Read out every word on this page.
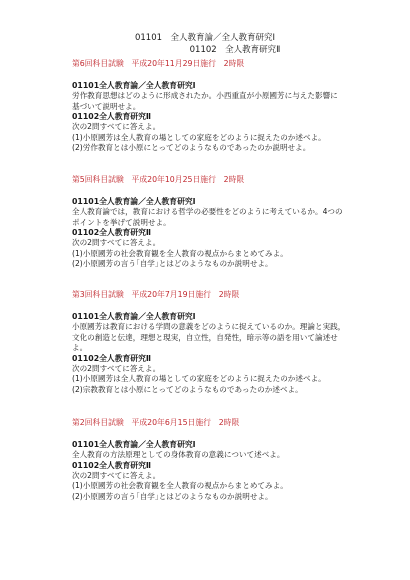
01101　全人教育論／全人教育研究Ⅰ
01102　全人教育研究Ⅱ
第6回科目試験　平成20年11月29日施行　2時限
01101全人教育論／全人教育研究Ⅰ
労作教育思想はどのように形成されたか。小西重直が小原國芳に与えた影響に
基づいて説明せよ。
01102全人教育研究Ⅱ
次の2問すべてに答えよ。
(1)小原國芳は全人教育の場としての家庭をどのように捉えたのか述べよ。
(2)労作教育とは小原にとってどのようなものであったのか説明せよ。
第5回科目試験　平成20年10月25日施行　2時限
01101全人教育論／全人教育研究Ⅰ
全人教育論では，教育における哲学の必要性をどのように考えているか。4つの
ポイントを挙げて説明せよ。
01102全人教育研究Ⅱ
次の2問すべてに答えよ。
(1)小原國芳の社会教育観を全人教育の視点からまとめてみよ。
(2)小原國芳の言う｢自学｣とはどのようなものか説明せよ。
第3回科目試験　平成20年7月19日施行　2時限
01101全人教育論／全人教育研究Ⅰ
小原國芳は教育における学問の意義をどのように捉えているのか。理論と実践，
文化の創造と伝達，理想と現実，自立性，自発性，暗示等の語を用いて論述せ
よ。
01102全人教育研究Ⅱ
次の2問すべてに答えよ。
(1)小原國芳は全人教育の場としての家庭をどのように捉えたのか述べよ。
(2)宗教教育とは小原にとってどのようなものであったのか述べよ。
第2回科目試験　平成20年6月15日施行　2時限
01101全人教育論／全人教育研究Ⅰ
全人教育の方法原理としての身体教育の意義について述べよ。
01102全人教育研究Ⅱ
次の2問すべてに答えよ。
(1)小原國芳の社会教育観を全人教育の視点からまとめてみよ。
(2)小原國芳の言う｢自学｣とはどのようなものか説明せよ。
